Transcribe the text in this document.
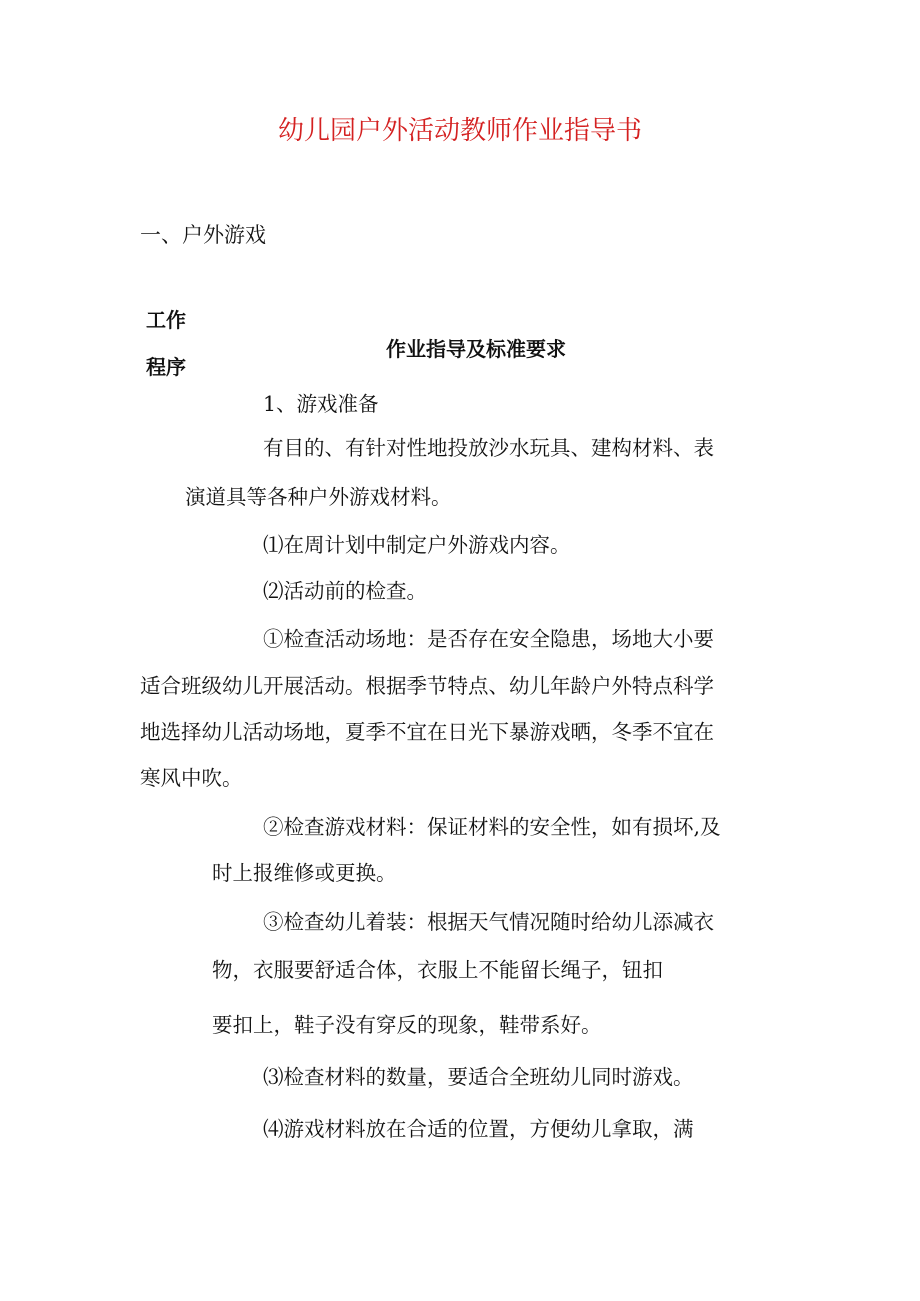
幼儿园户外活动教师作业指导书
一、户外游戏
工作
程序
作业指导及标准要求
1、游戏准备
有目的、有针对性地投放沙水玩具、建构材料、表
演道具等各种户外游戏材料。
⑴在周计划中制定户外游戏内容。
⑵活动前的检查。
①检查活动场地：是否存在安全隐患，场地大小要
适合班级幼儿开展活动。根据季节特点、幼儿年龄户外特点科学
地选择幼儿活动场地，夏季不宜在日光下暴游戏晒，冬季不宜在
寒风中吹。
②检查游戏材料：保证材料的安全性，如有损坏,及
时上报维修或更换。
③检查幼儿着装：根据天气情况随时给幼儿添减衣
物，衣服要舒适合体，衣服上不能留长绳子，钮扣
要扣上，鞋子没有穿反的现象，鞋带系好。
⑶检查材料的数量，要适合全班幼儿同时游戏。
⑷游戏材料放在合适的位置，方便幼儿拿取，满
